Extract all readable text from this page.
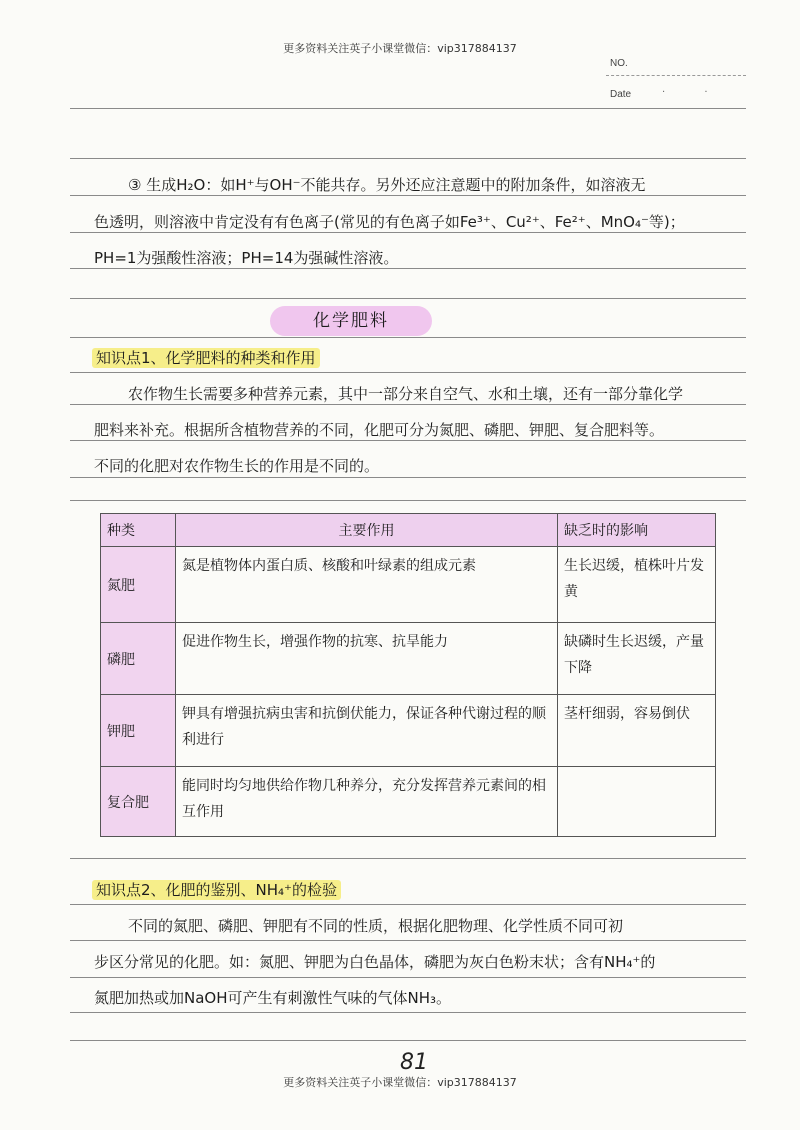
更多资料关注英子小课堂微信：vip317884137
NO.
Date	· ·
③ 生成H₂O：如H⁺与OH⁻不能共存。另外还应注意题中的附加条件，如溶液无
色透明，则溶液中肯定没有有色离子(常见的有色离子如Fe³⁺、Cu²⁺、Fe²⁺、MnO₄⁻等)；
PH=1为强酸性溶液；PH=14为强碱性溶液。
化学肥料
知识点1、化学肥料的种类和作用
农作物生长需要多种营养元素，其中一部分来自空气、水和土壤，还有一部分靠化学
肥料来补充。根据所含植物营养的不同，化肥可分为氮肥、磷肥、钾肥、复合肥料等。
不同的化肥对农作物生长的作用是不同的。
种类	主要作用	缺乏时的影响
氮肥	氮是植物体内蛋白质、核酸和叶绿素的组成元素	生长迟缓，植株叶片发黄
磷肥	促进作物生长，增强作物的抗寒、抗旱能力	缺磷时生长迟缓，产量下降
钾肥	钾具有增强抗病虫害和抗倒伏能力，保证各种代谢过程的顺利进行	茎杆细弱，容易倒伏
复合肥	能同时均匀地供给作物几种养分，充分发挥营养元素间的相互作用	
知识点2、化肥的鉴别、NH₄⁺的检验
不同的氮肥、磷肥、钾肥有不同的性质，根据化肥物理、化学性质不同可初
步区分常见的化肥。如：氮肥、钾肥为白色晶体，磷肥为灰白色粉末状；含有NH₄⁺的
氮肥加热或加NaOH可产生有刺激性气味的气体NH₃。
81
更多资料关注英子小课堂微信：vip317884137
